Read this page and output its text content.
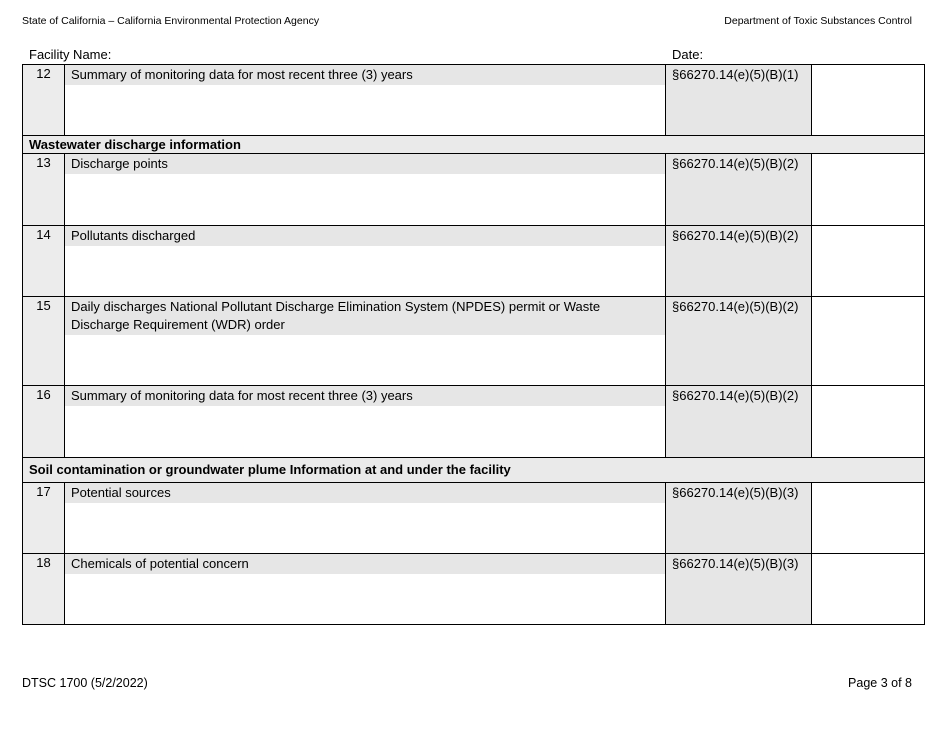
State of California – California Environmental Protection Agency	Department of Toxic Substances Control
Facility Name:	Date:
12	Summary of monitoring data for most recent three (3) years	§66270.14(e)(5)(B)(1)	
Wastewater discharge information			
13	Discharge points	§66270.14(e)(5)(B)(2)	
14	Pollutants discharged	§66270.14(e)(5)(B)(2)	
15	Daily discharges National Pollutant Discharge Elimination System (NPDES) permit or Waste Discharge Requirement (WDR) order	§66270.14(e)(5)(B)(2)	
16	Summary of monitoring data for most recent three (3) years	§66270.14(e)(5)(B)(2)	
Soil contamination or groundwater plume Information at and under the facility			
17	Potential sources	§66270.14(e)(5)(B)(3)	
18	Chemicals of potential concern	§66270.14(e)(5)(B)(3)	
DTSC 1700 (5/2/2022)	Page 3 of 8
